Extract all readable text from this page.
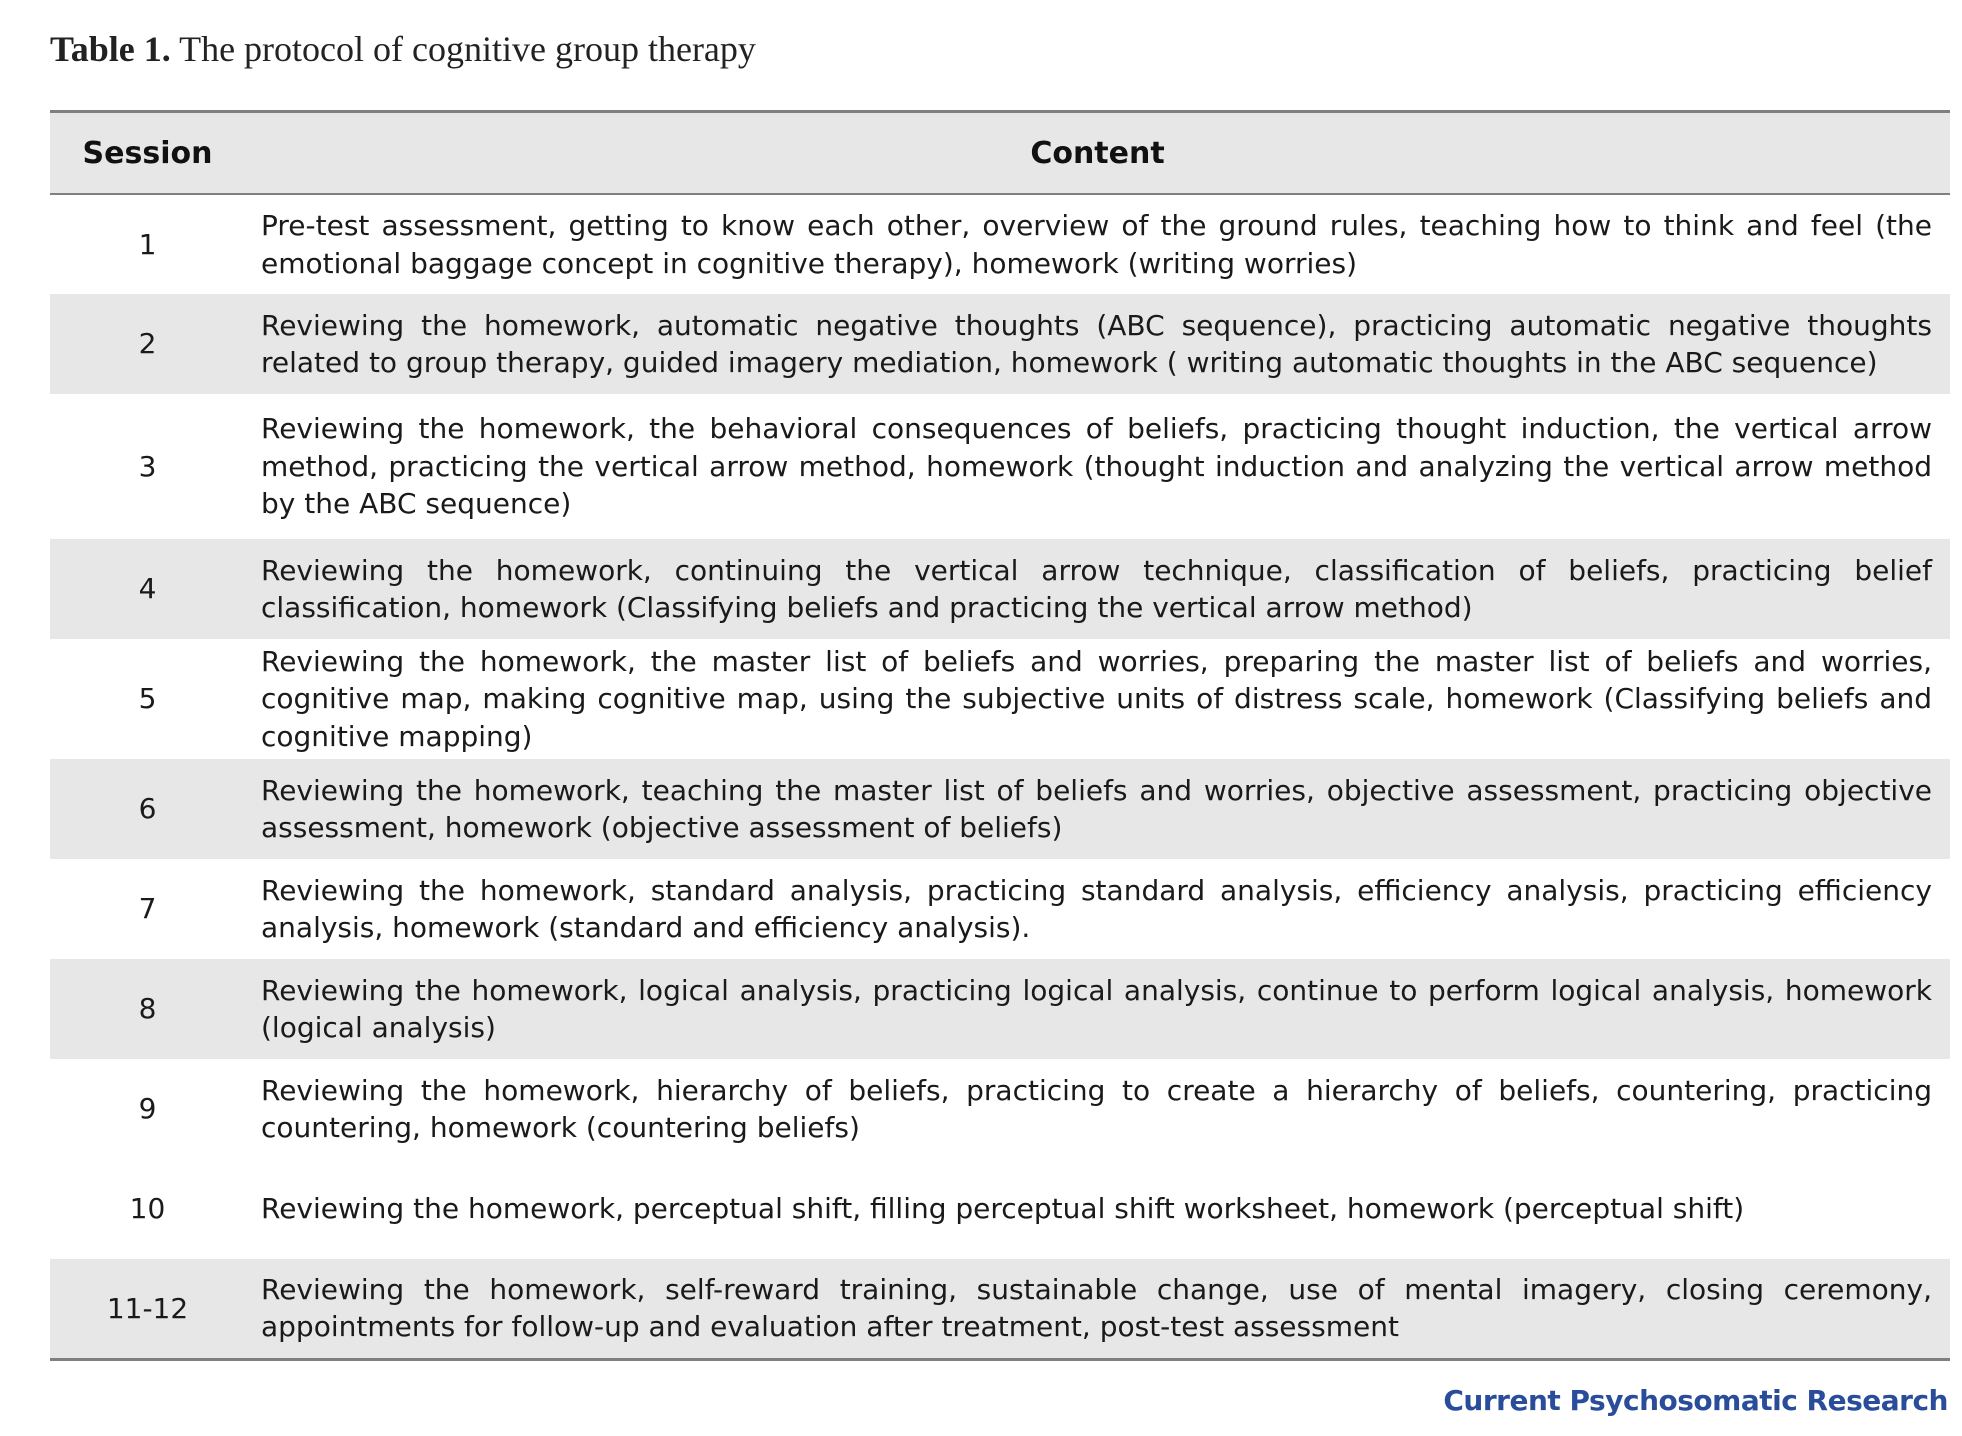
Table 1. The protocol of cognitive group therapy
Session	Content
1	Pre-test assessment, getting to know each other, overview of the ground rules, teaching how to think and feel (the emotional baggage concept in cognitive therapy), homework (writing worries)
2	Reviewing the homework, automatic negative thoughts (ABC sequence), practicing automatic negative thoughts related to group therapy, guided imagery mediation, homework ( writing automatic thoughts in the ABC sequence)
3	Reviewing the homework, the behavioral consequences of beliefs, practicing thought induction, the vertical arrow method, practicing the vertical arrow method, homework (thought induction and analyzing the vertical arrow method by the ABC sequence)
4	Reviewing the homework, continuing the vertical arrow technique, classification of beliefs, practicing belief classification, homework (Classifying beliefs and practicing the vertical arrow method)
5	Reviewing the homework, the master list of beliefs and worries, preparing the master list of beliefs and worries, cognitive map, making cognitive map, using the subjective units of distress scale, homework (Classifying beliefs and cognitive mapping)
6	Reviewing the homework, teaching the master list of beliefs and worries, objective assessment, practicing objective assessment, homework (objective assessment of beliefs)
7	Reviewing the homework, standard analysis, practicing standard analysis, efficiency analysis, practicing efficiency analysis, homework (standard and efficiency analysis).
8	Reviewing the homework, logical analysis, practicing logical analysis, continue to perform logical analysis, homework (logical analysis)
9	Reviewing the homework, hierarchy of beliefs, practicing to create a hierarchy of beliefs, countering, practicing countering, homework (countering beliefs)
10	Reviewing the homework, perceptual shift, filling perceptual shift worksheet, homework (perceptual shift)
11-12	Reviewing the homework, self-reward training, sustainable change, use of mental imagery, closing ceremony, appointments for follow-up and evaluation after treatment, post-test assessment
Current Psychosomatic Research
